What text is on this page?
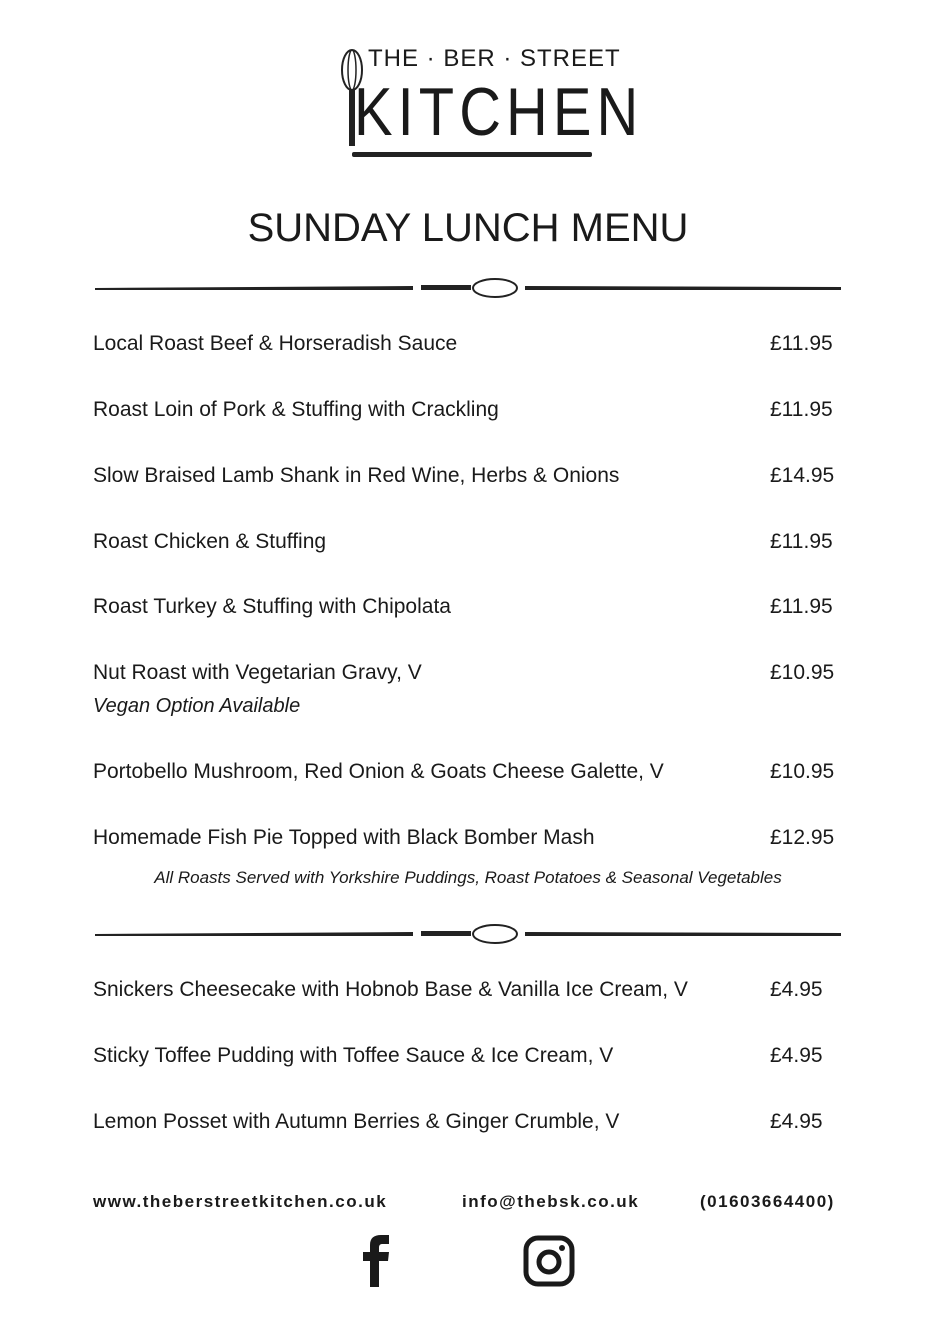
THE · BER · STREET
KITCHEN
SUNDAY LUNCH MENU
Local Roast Beef & Horseradish Sauce	£11.95
Roast Loin of Pork & Stuffing with Crackling	£11.95
Slow Braised Lamb Shank in Red Wine, Herbs & Onions	£14.95
Roast Chicken & Stuffing	£11.95
Roast Turkey & Stuffing with Chipolata	£11.95
Nut Roast with Vegetarian Gravy, V	£10.95
Vegan Option Available
Portobello Mushroom, Red Onion & Goats Cheese Galette, V	£10.95
Homemade Fish Pie Topped with Black Bomber Mash	£12.95
All Roasts Served with Yorkshire Puddings, Roast Potatoes & Seasonal Vegetables
Snickers Cheesecake with Hobnob Base & Vanilla Ice Cream, V	£4.95
Sticky Toffee Pudding with Toffee Sauce & Ice Cream, V	£4.95
Lemon Posset with Autumn Berries & Ginger Crumble, V	£4.95
www.theberstreetkitchen.co.uk	info@thebsk.co.uk	(01603664400)
